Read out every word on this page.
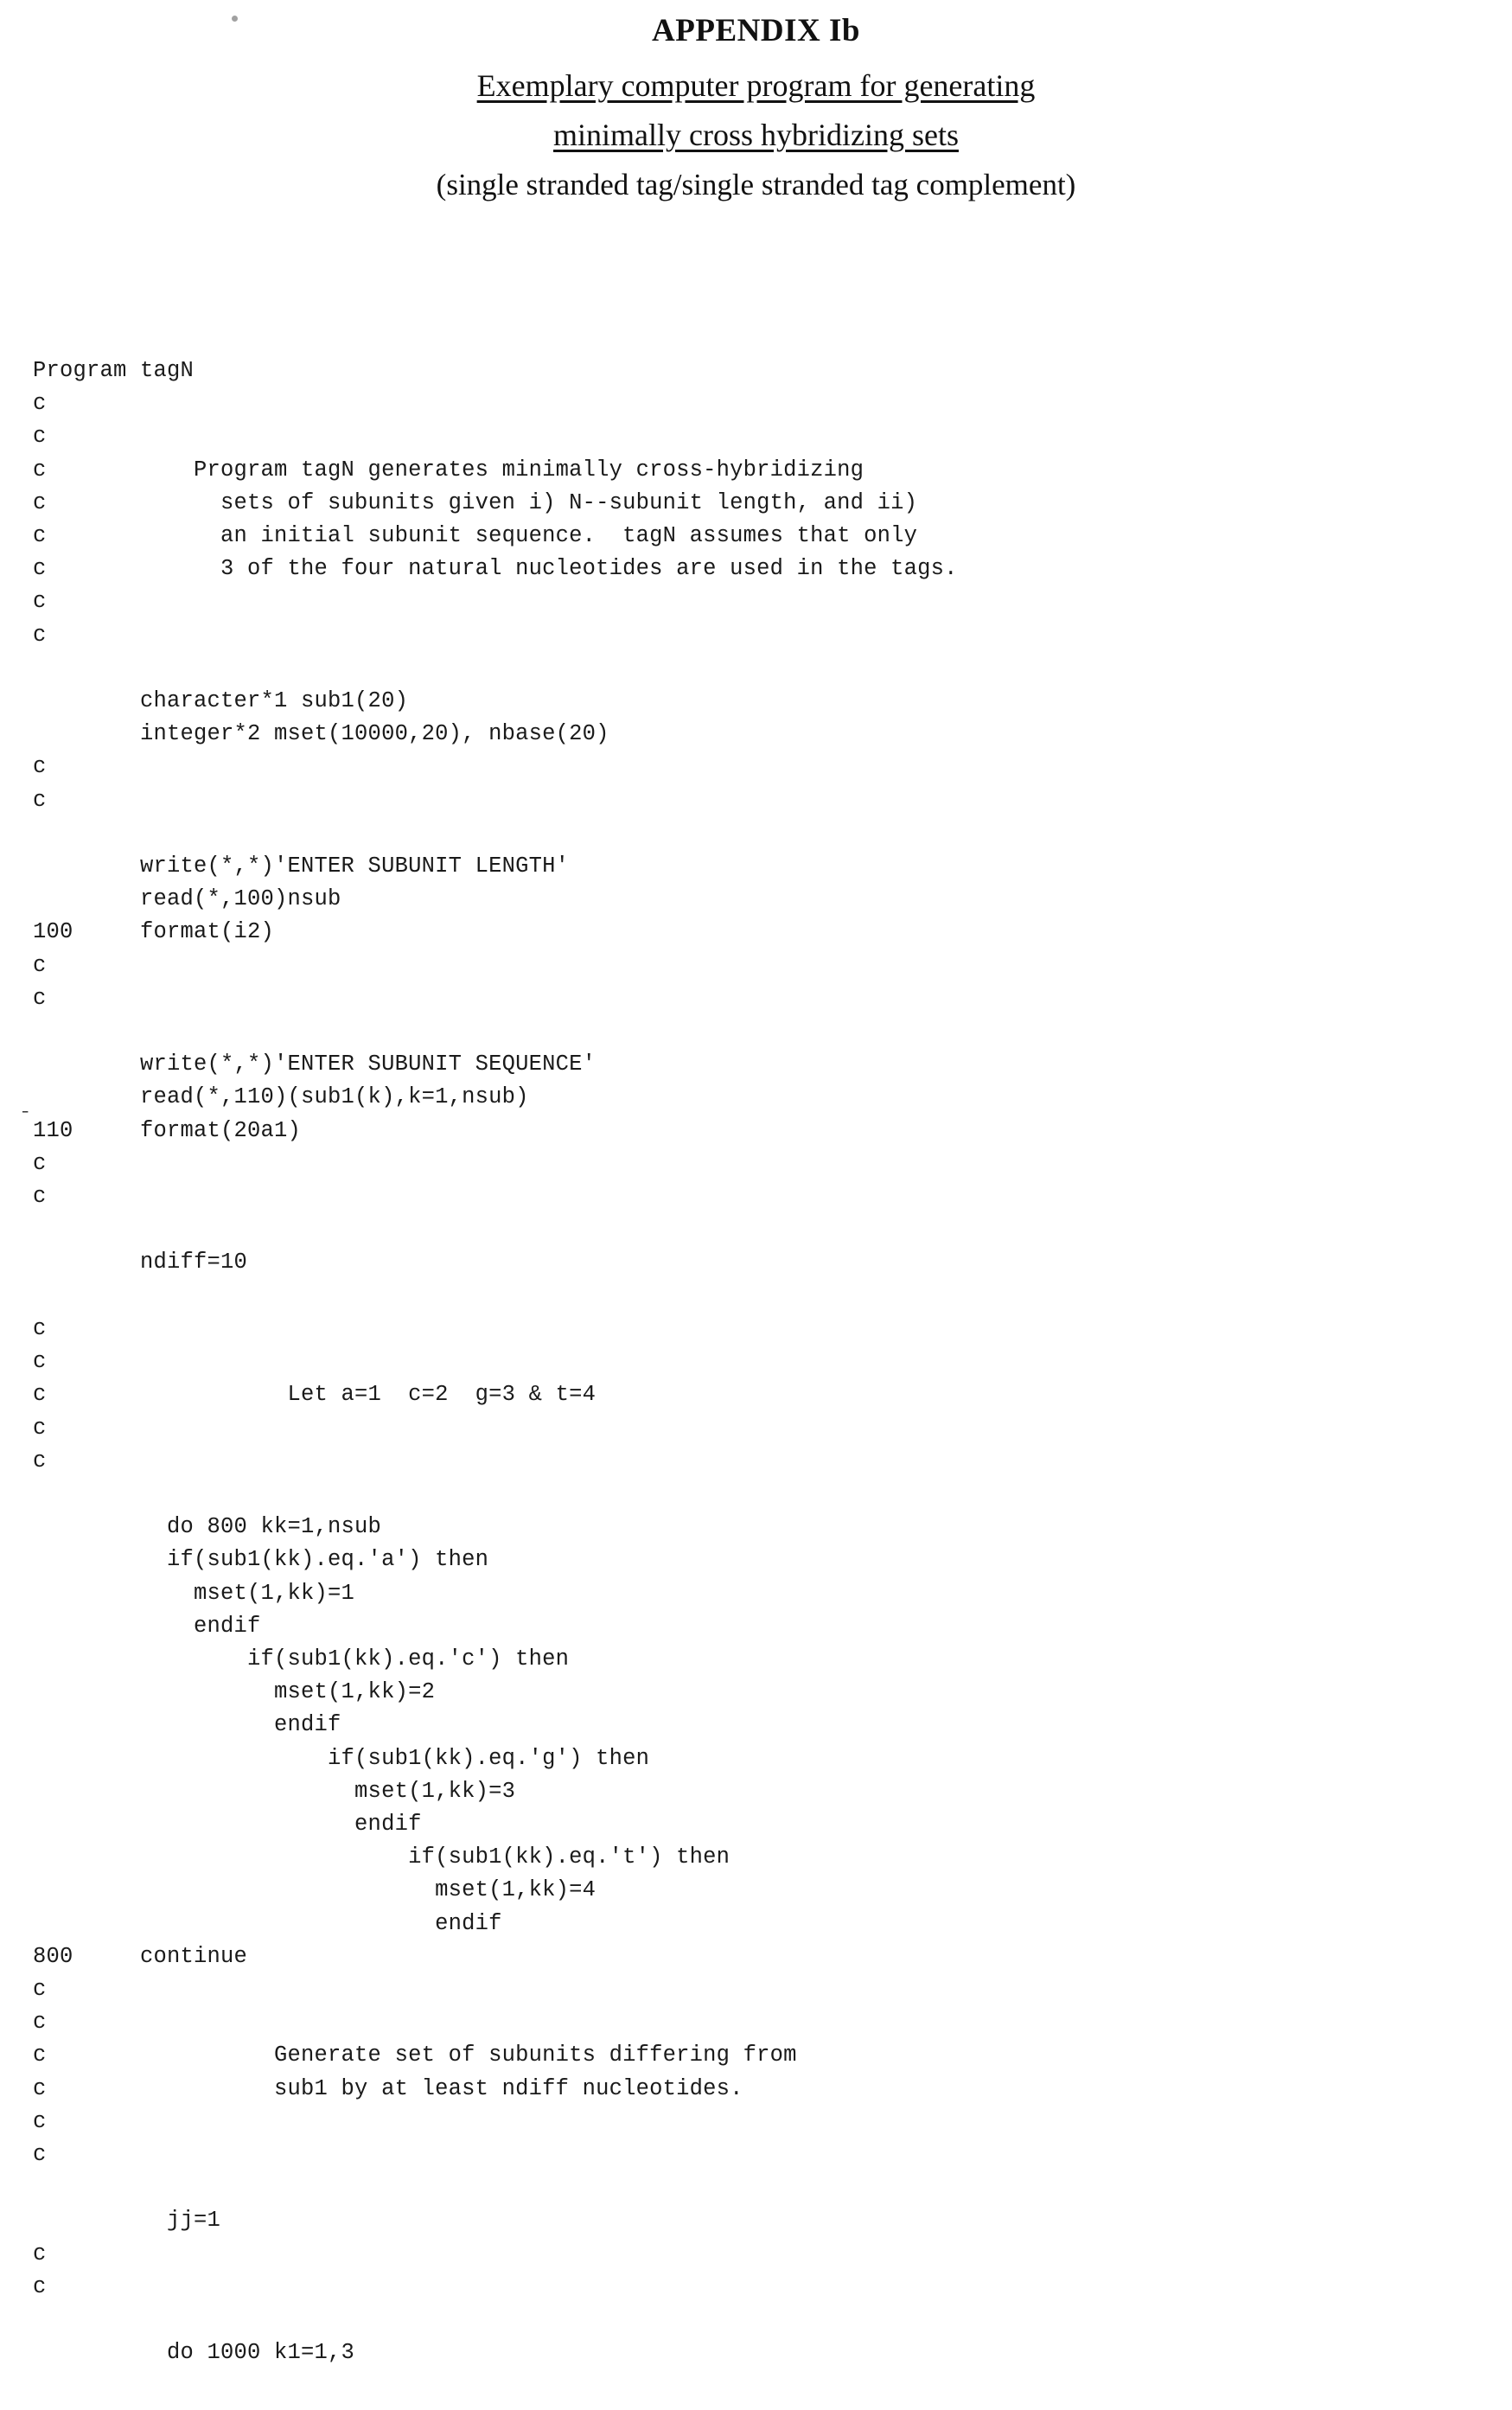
APPENDIX Ib
Exemplary computer program for generating
minimally cross hybridizing sets
(single stranded tag/single stranded tag complement)
ˉ
Program tagN
c
c
c           Program tagN generates minimally cross-hybridizing
c             sets of subunits given i) N--subunit length, and ii)
c             an initial subunit sequence.  tagN assumes that only
c             3 of the four natural nucleotides are used in the tags.
c
c

character*1 sub1(20)
integer*2 mset(10000,20), nbase(20)
c
c

write(*,*)'ENTER SUBUNIT LENGTH'
read(*,100)nsub
100     format(i2)
c
c

write(*,*)'ENTER SUBUNIT SEQUENCE'
read(*,110)(sub1(k),k=1,nsub)
110     format(20a1)
c
c

ndiff=10

c
c
c                  Let a=1  c=2  g=3 & t=4
c
c

do 800 kk=1,nsub
if(sub1(kk).eq.'a') then
mset(1,kk)=1
endif
if(sub1(kk).eq.'c') then
mset(1,kk)=2
endif
if(sub1(kk).eq.'g') then
mset(1,kk)=3
endif
if(sub1(kk).eq.'t') then
mset(1,kk)=4
endif
800     continue
c
c
c                 Generate set of subunits differing from
c                 sub1 by at least ndiff nucleotides.
c
c

jj=1
c
c

do 1000 k1=1,3
